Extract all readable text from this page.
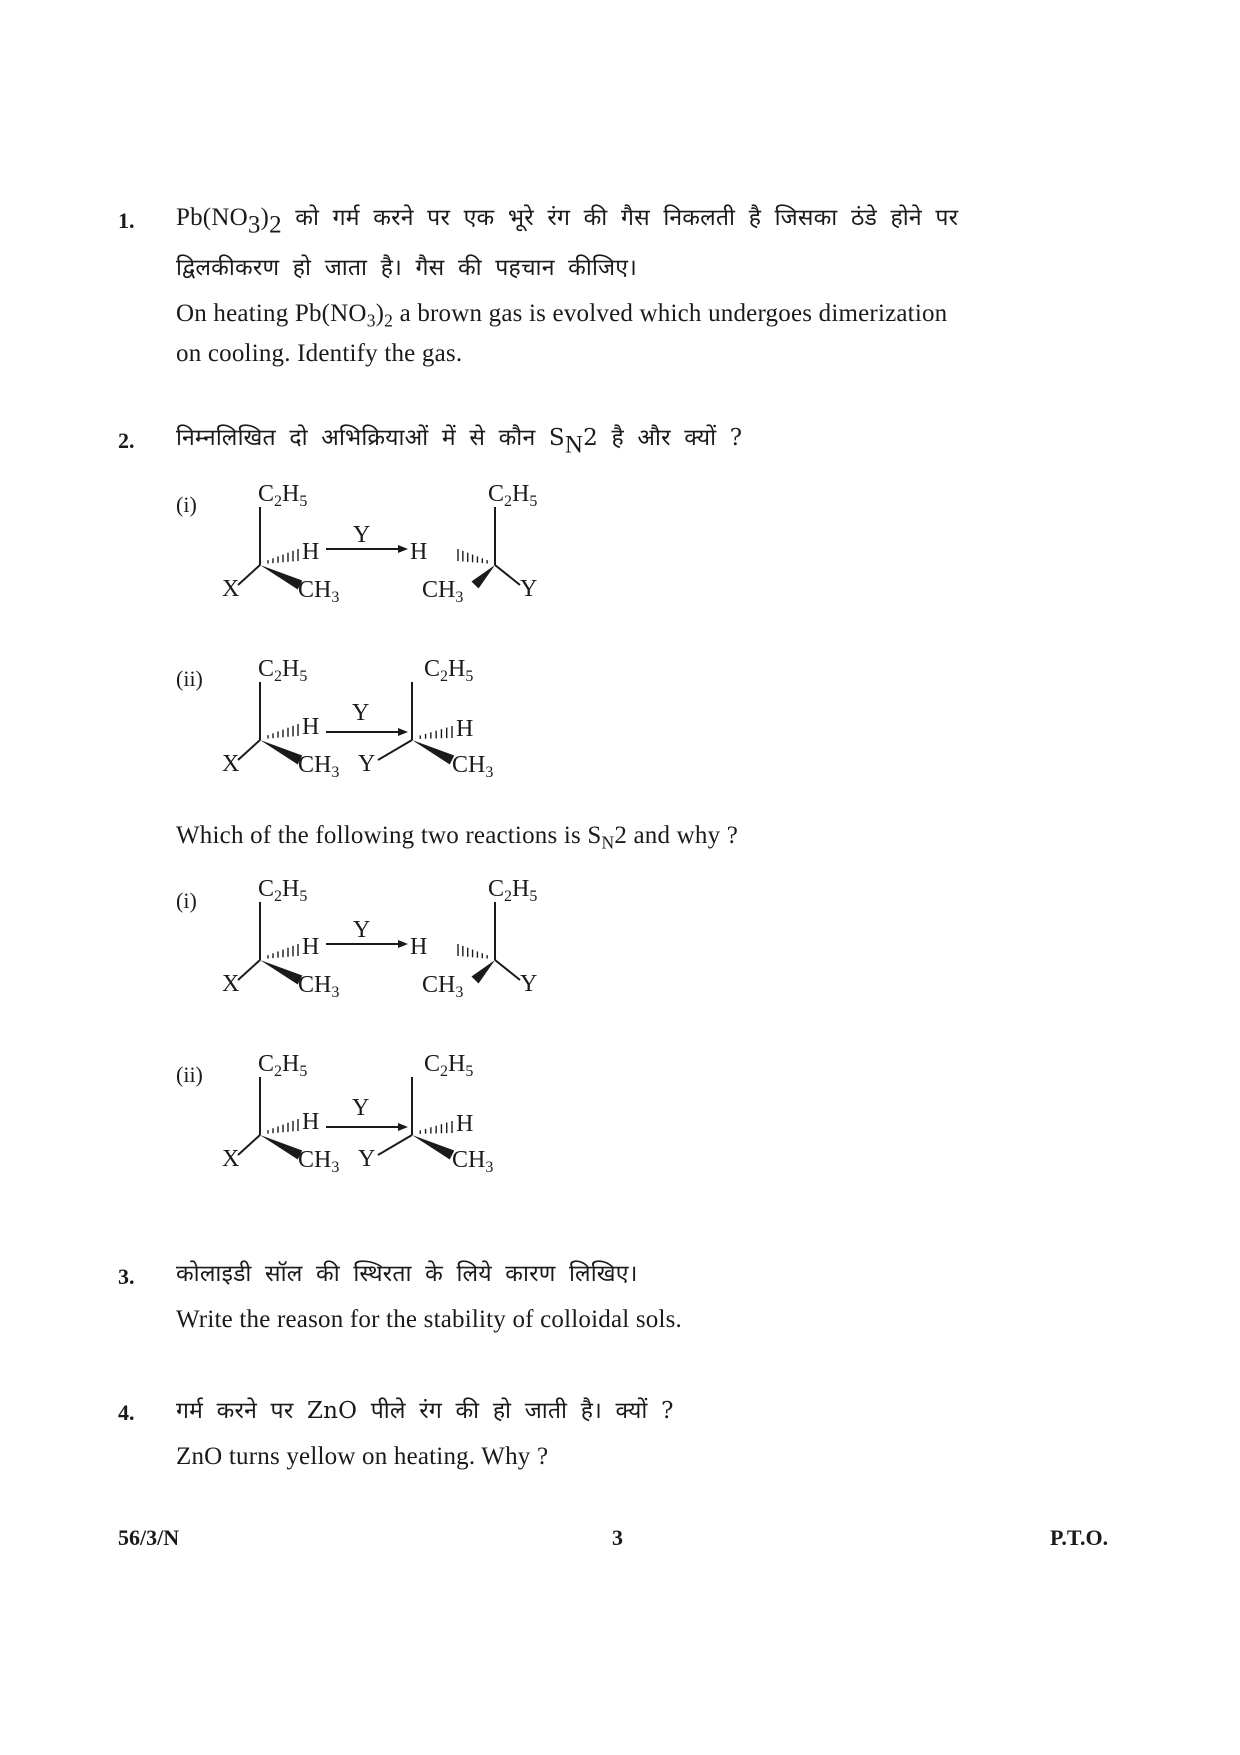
1. $Pb(NO_3)_2$ को गर्म करने पर एक भूरे रंग की गैस निकलती है जिसका ठंडे होने पर
द्विलकीकरण हो जाता है। गैस की पहचान कीजिए।
On heating $Pb(NO_3)_2$ a brown gas is evolved which undergoes dimerization
on cooling. Identify the gas.
2. निम्नलिखित दो अभिक्रियाओं में से कौन $S_N2$ है और क्यों ?
(i)	$C_2H_5$
X
H
$CH_3$
Y
H
$CH_3$
$C_2H_5$
Y
(ii) $C_2H_5$
X
H
$CH_3$
Y
Y
$C_2H_5$
H
$CH_3$
Which of the following two reactions is $S_N2$ and why ?
(i)	$C_2H_5$
X
H
$CH_3$
Y
H
$CH_3$
$C_2H_5$
Y
(ii) $C_2H_5$
X
H
$CH_3$
Y
Y
$C_2H_5$
H
$CH_3$
3. कोलाइडी सॉल की स्थिरता के लिये कारण लिखिए।
Write the reason for the stability of colloidal sols.
4. गर्म करने पर ZnO पीले रंग की हो जाती है। क्यों ?
ZnO turns yellow on heating. Why ?
56/3/N	3	P.T.O.
